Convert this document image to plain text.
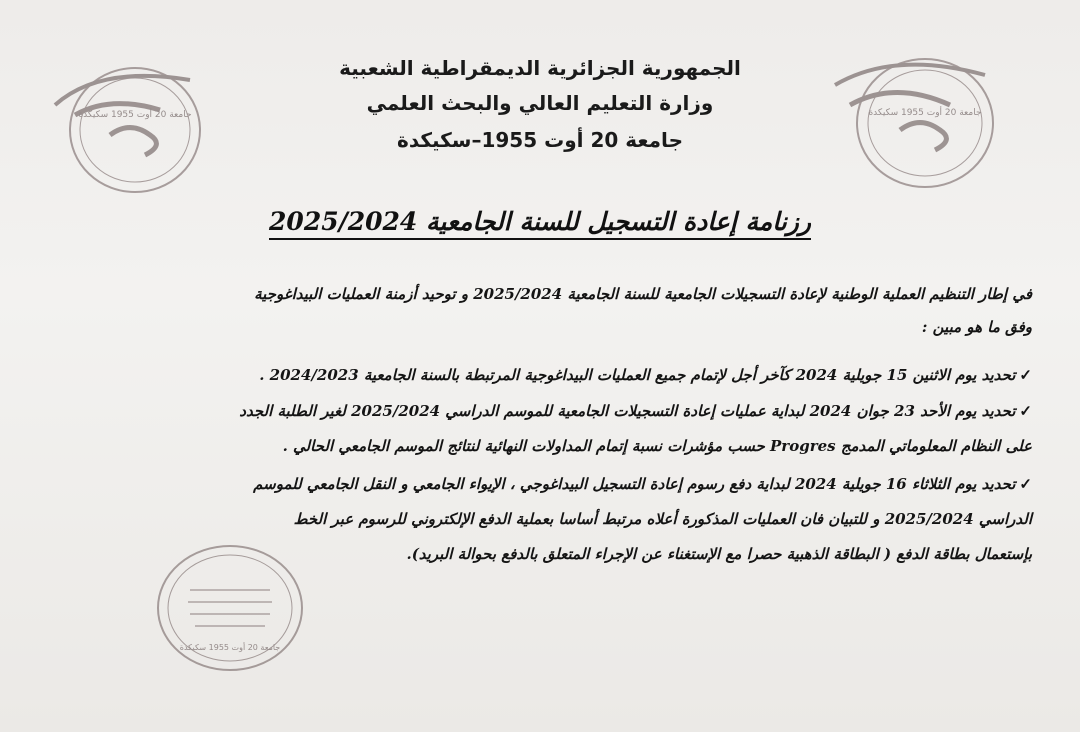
جامعة 20 أوت 1955 سكيكدة	جامعة 20 أوت 1955 سكيكدة
جامعة 20 أوت 1955 سكيكدة
الجمهورية الجزائرية الديمقراطية الشعبية
وزارة التعليم العالي والبحث العلمي
جامعة 20 أوت 1955–سكيكدة
رزنامة إعادة التسجيل للسنة الجامعية 2025/2024
في إطار التنظيم العملية الوطنية لإعادة التسجيلات الجامعية للسنة الجامعية 2025/2024 و توحيد أزمنة العمليات البيداغوجية
وفق ما هو مبين :
✓تحديد يوم الاثنين 15 جويلية 2024 كآخر أجل لإتمام جميع العمليات البيداغوجية المرتبطة بالسنة الجامعية 2024/2023 .
✓تحديد يوم الأحد 23 جوان 2024 لبداية عمليات إعادة التسجيلات الجامعية للموسم الدراسي 2025/2024 لغير الطلبة الجدد
على النظام المعلوماتي المدمج Progres حسب مؤشرات نسبة إتمام المداولات النهائية لنتائج الموسم الجامعي الحالي .
✓تحديد يوم الثلاثاء 16 جويلية 2024 لبداية دفع رسوم إعادة التسجيل البيداغوجي ، الإيواء الجامعي و النقل الجامعي للموسم
الدراسي 2025/2024 و للتبيان فان العمليات المذكورة أعلاه مرتبط أساسا بعملية الدفع الإلكتروني للرسوم عبر الخط
بإستعمال بطاقة الدفع ( البطاقة الذهبية حصرا مع الإستغناء عن الإجراء المتعلق بالدفع بحوالة البريد).
